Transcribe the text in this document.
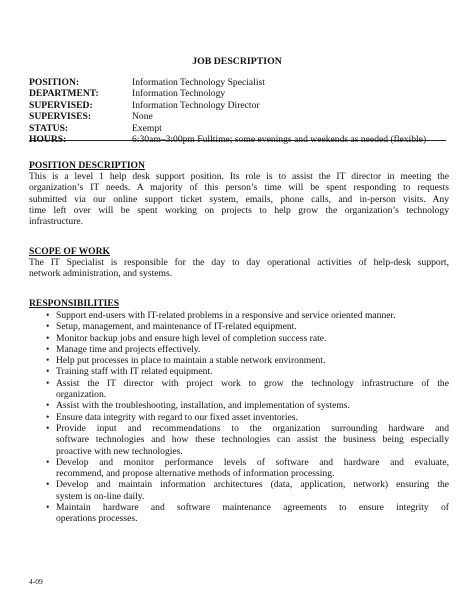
JOB DESCRIPTION
POSITION:	Information Technology Specialist
DEPARTMENT:	Information Technology
SUPERVISED:	Information Technology Director
SUPERVISES:	None
STATUS:	Exempt
HOURS:	6:30am–3:00pm Fulltime; some evenings and weekends as needed (flexible)
POSITION DESCRIPTION
This is a level 1 help desk support position. Its role is to assist the IT director in meeting the
organization’s IT needs. A majority of this person’s time will be spent responding to requests
submitted via our online support ticket system, emails, phone calls, and in-person visits. Any
time left over will be spent working on projects to help grow the organization’s technology
infrastructure.
SCOPE OF WORK
The IT Specialist is responsible for the day to day operational activities of help-desk support,
network administration, and systems.
RESPONSIBILITIES
• Support end-users with IT-related problems in a responsive and service oriented manner.
• Setup, management, and maintenance of IT-related equipment.
• Monitor backup jobs and ensure high level of completion success rate.
• Manage time and projects effectively.
• Help put processes in place to maintain a stable network environment.
• Training staff with IT related equipment.
• Assist the IT director with project work to grow the technology infrastructure of the
organization.
• Assist with the troubleshooting, installation, and implementation of systems.
• Ensure data integrity with regard to our fixed asset inventories.
• Provide input and recommendations to the organization surrounding hardware and
software technologies and how these technologies can assist the business being especially
proactive with new technologies.
• Develop and monitor performance levels of software and hardware and evaluate,
recommend, and propose alternative methods of information processing.
• Develop and maintain information architectures (data, application, network) ensuring the
system is on-line daily.
• Maintain hardware and software maintenance agreements to ensure integrity of
operations processes.
4-09
